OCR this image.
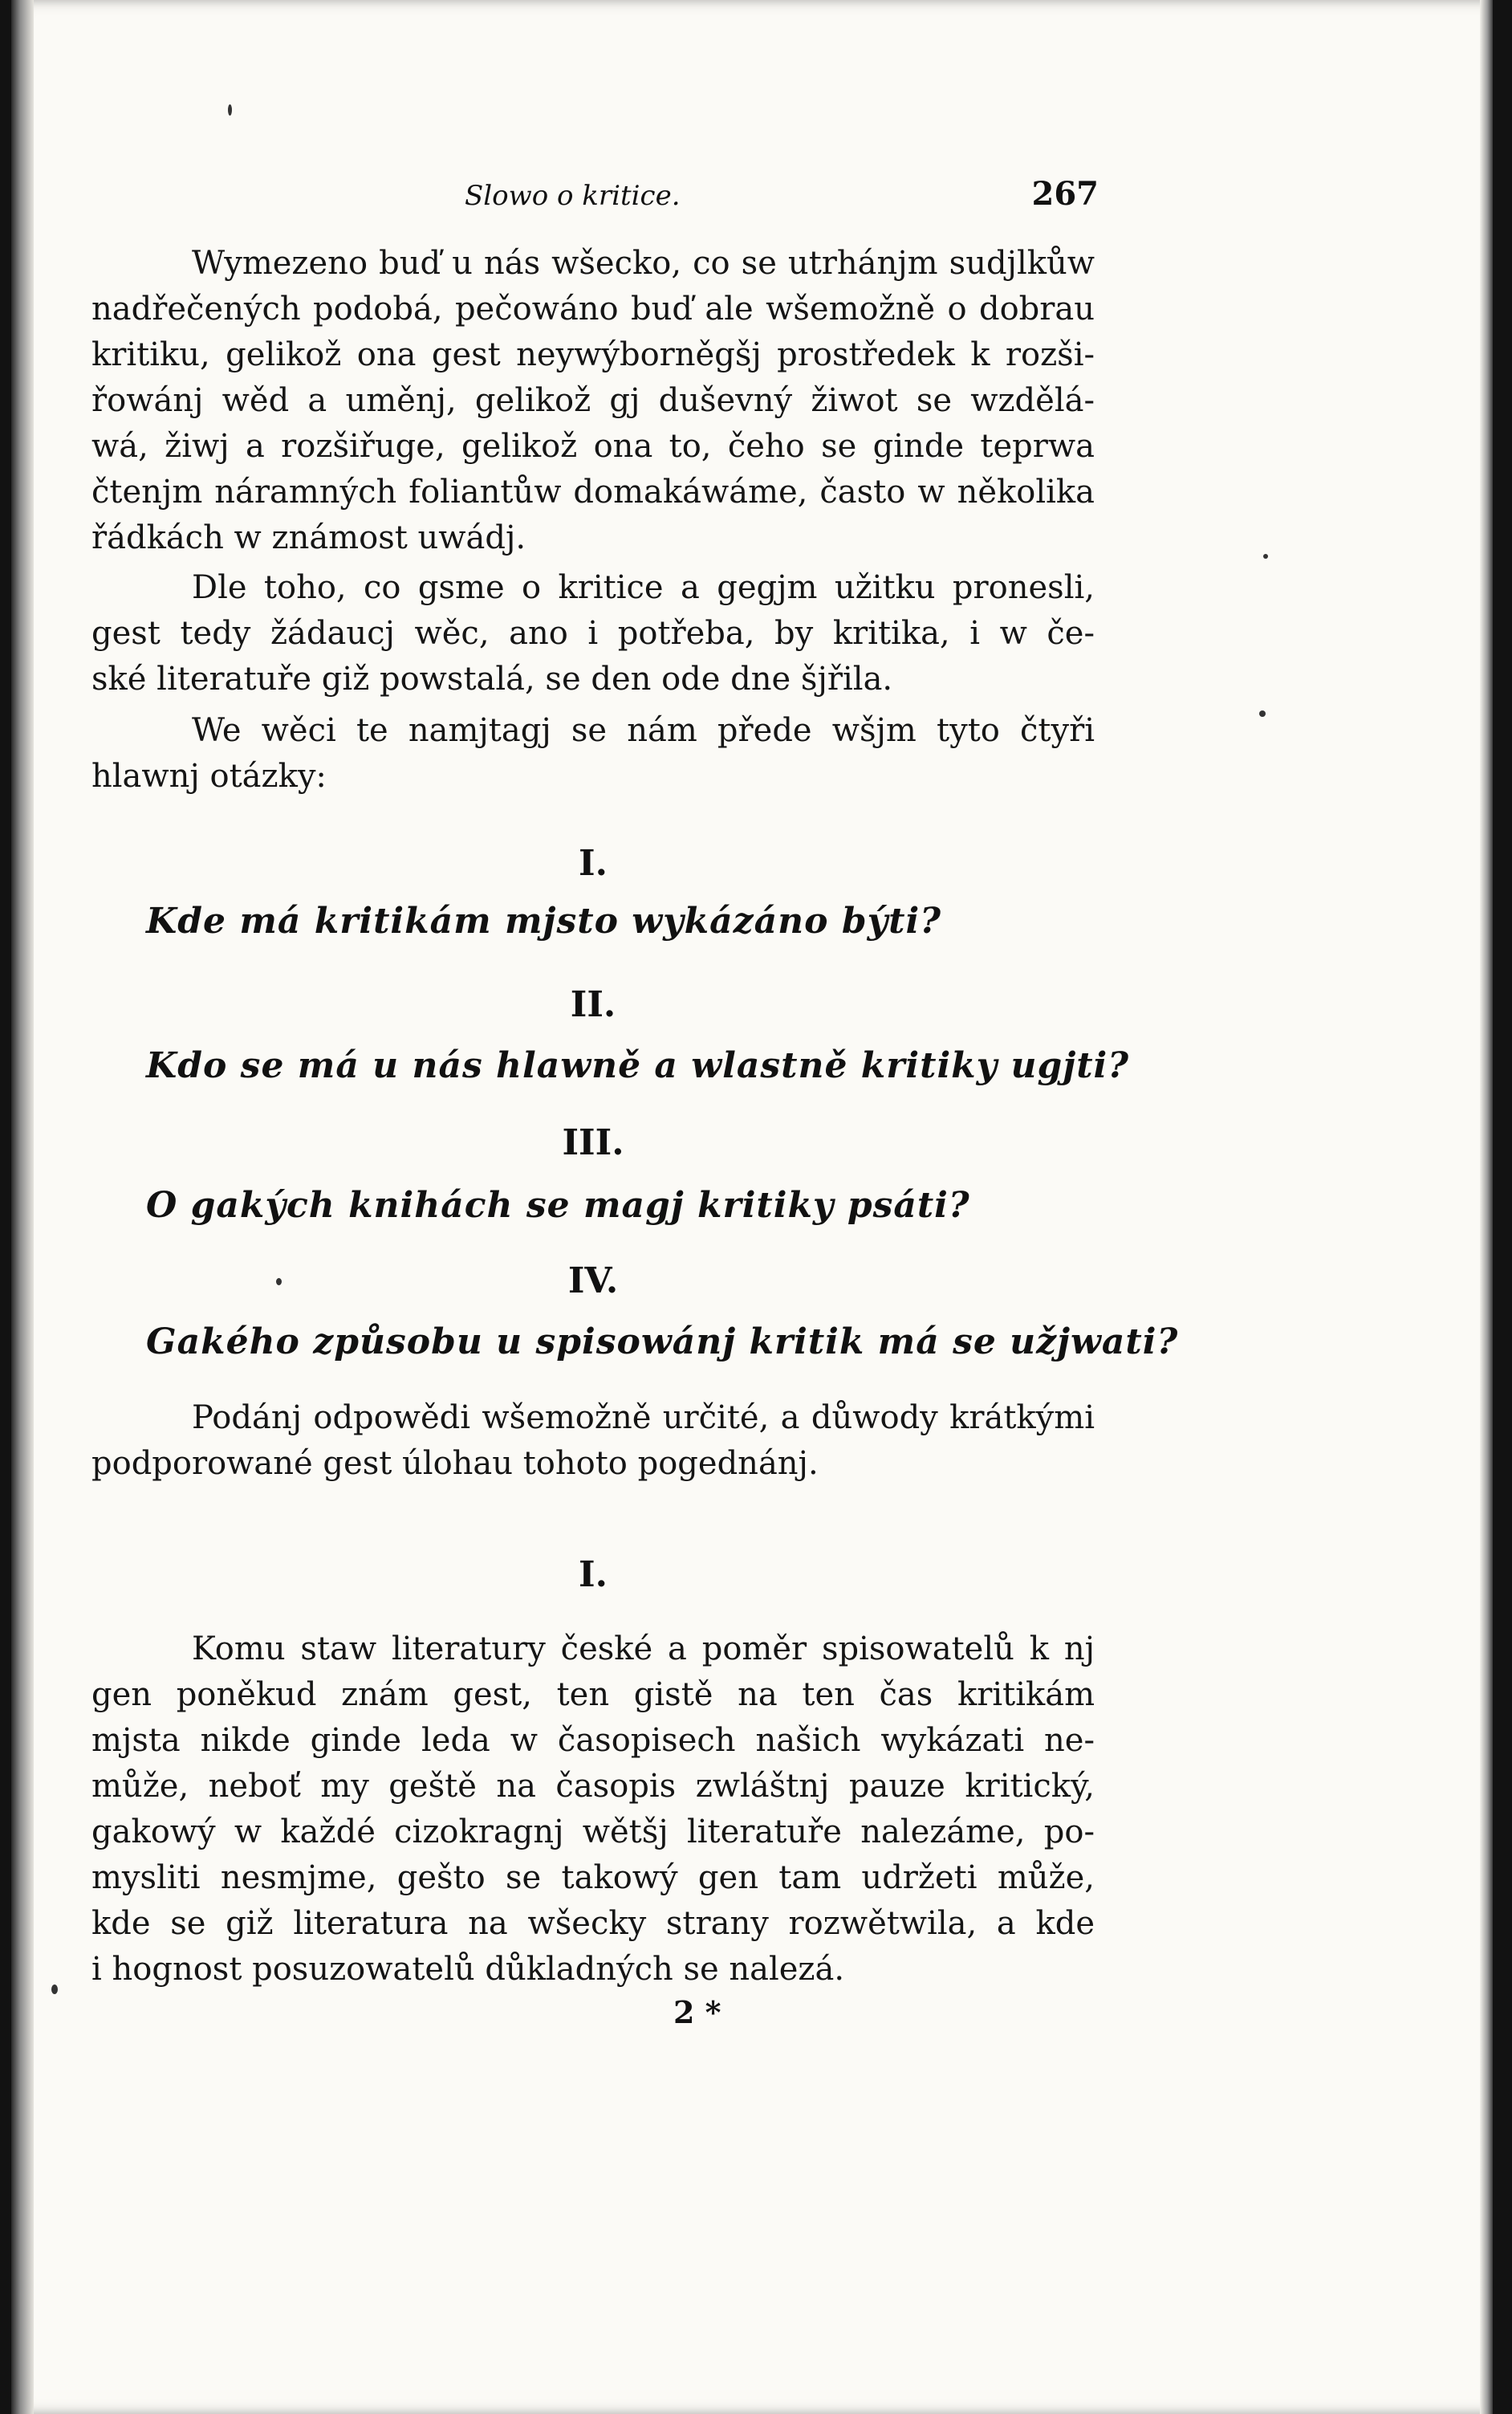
Slowo o kritice.	267
Wymezeno buď u nás wšecko, co se utrhánjm sudjlkůw
nadřečených podobá, pečowáno buď ale wšemožně o dobrau
kritiku, gelikož ona gest neywýborněgšj prostředek k rozši-
řowánj wěd a uměnj, gelikož gj duševný žiwot se wzdělá-
wá, žiwj a rozšiřuge, gelikož ona to, čeho se ginde teprwa
čtenjm náramných foliantůw domakáwáme, často w několika
řádkách w známost uwádj.
Dle toho, co gsme o kritice a gegjm užitku pronesli,
gest tedy žádaucj wěc, ano i potřeba, by kritika, i w če-
ské literatuře giž powstalá, se den ode dne šjřila.
We wěci te namjtagj se nám přede wšjm tyto čtyři
hlawnj otázky:
I.
Kde má kritikám mjsto wykázáno býti?
II.
Kdo se má u nás hlawně a wlastně kritiky ugjti?
III.
O gakých knihách se magj kritiky psáti?
IV.
Gakého způsobu u spisowánj kritik má se užjwati?
Podánj odpowědi wšemožně určité, a důwody krátkými
podporowané gest úlohau tohoto pogednánj.
I.
Komu staw literatury české a poměr spisowatelů k nj
gen poněkud znám gest, ten gistě na ten čas kritikám
mjsta nikde ginde leda w časopisech našich wykázati ne-
může, neboť my geště na časopis zwláštnj pauze kritický,
gakowý w každé cizokragnj wětšj literatuře nalezáme, po-
mysliti nesmjme, gešto se takowý gen tam udržeti může,
kde se giž literatura na wšecky strany rozwětwila, a kde
i hognost posuzowatelů důkladných se nalezá.
2 *
